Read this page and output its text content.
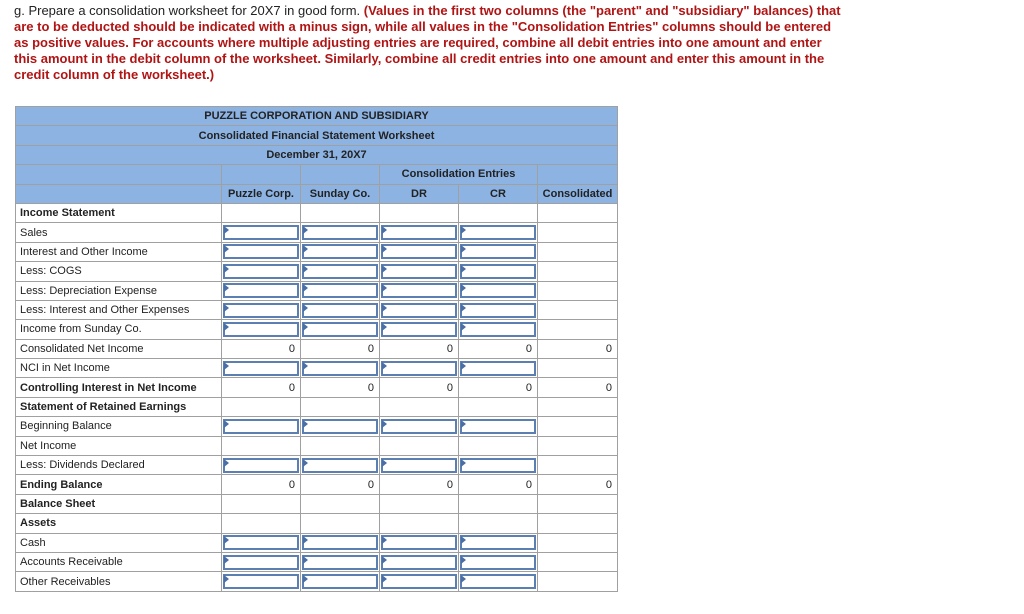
g. Prepare a consolidation worksheet for 20X7 in good form. (Values in the first two columns (the "parent" and "subsidiary" balances) that are to be deducted should be indicated with a minus sign, while all values in the "Consolidation Entries" columns should be entered as positive values. For accounts where multiple adjusting entries are required, combine all debit entries into one amount and enter this amount in the debit column of the worksheet. Similarly, combine all credit entries into one amount and enter this amount in the credit column of the worksheet.)
PUZZLE CORPORATION AND SUBSIDIARY					
Consolidated Financial Statement Worksheet					
December 31, 20X7					
			Consolidation Entries		
	Puzzle Corp.	Sunday Co.	DR	CR	Consolidated
Income Statement					
Sales	

Interest and Other Income	

Less: COGS	

Less: Depreciation Expense	

Less: Interest and Other Expenses	

Income from Sunday Co.	

Consolidated Net Income	0	0	0	0	0
NCI in Net Income	

Controlling Interest in Net Income	0	0	0	0	0
Statement of Retained Earnings					
Beginning Balance	

Net Income					
Less: Dividends Declared	

Ending Balance	0	0	0	0	0
Balance Sheet					
Assets					
Cash	

Accounts Receivable	

Other Receivables	
